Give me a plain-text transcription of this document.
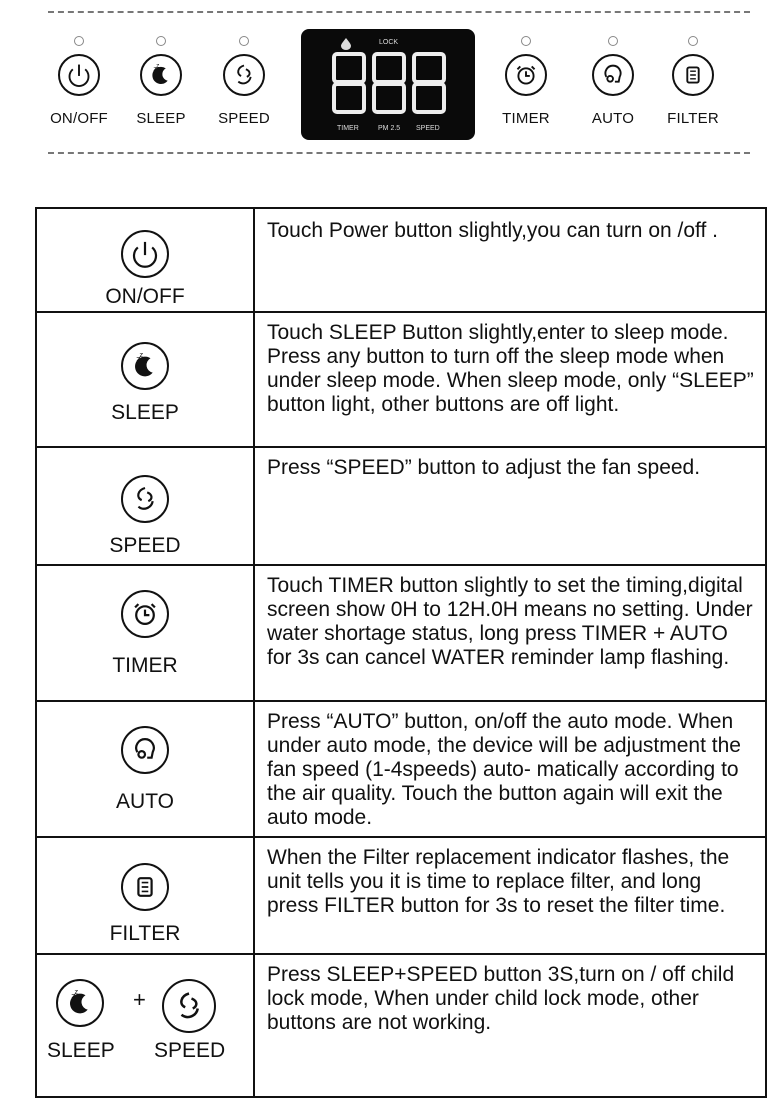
ON/OFF
z z
SLEEP	SPEED
LOCK
TIMER	PM 2.5 SPEED
TIMER	AUTO	FILTER
ON/OFF	Touch Power button slightly,you can turn on /off .

z z
SLEEP	Touch SLEEP Button slightly,enter to sleep mode. Press any button to turn off the sleep mode when under sleep mode. When sleep mode, only “SLEEP” button light, other buttons are off light.

SPEED	Press “SPEED” button to adjust the fan speed.

TIMER	Touch TIMER button slightly to set the timing,digital screen show 0H to 12H.0H means no setting. Under water shortage status, long press TIMER + AUTO for 3s can cancel WATER reminder lamp flashing.

AUTO	Press “AUTO” button, on/off the auto mode. When under auto mode, the device will be adjustment the fan speed (1-4speeds) auto- matically according to the air quality. Touch the button again will exit the auto mode.

FILTER	When the Filter replacement indicator flashes, the unit tells you it is time to replace filter, and long press FILTER button for 3s to reset the filter time.

z z +
SLEEP SPEED	Press SLEEP+SPEED button 3S,turn on / off child lock mode, When under child lock mode, other buttons are not working.
